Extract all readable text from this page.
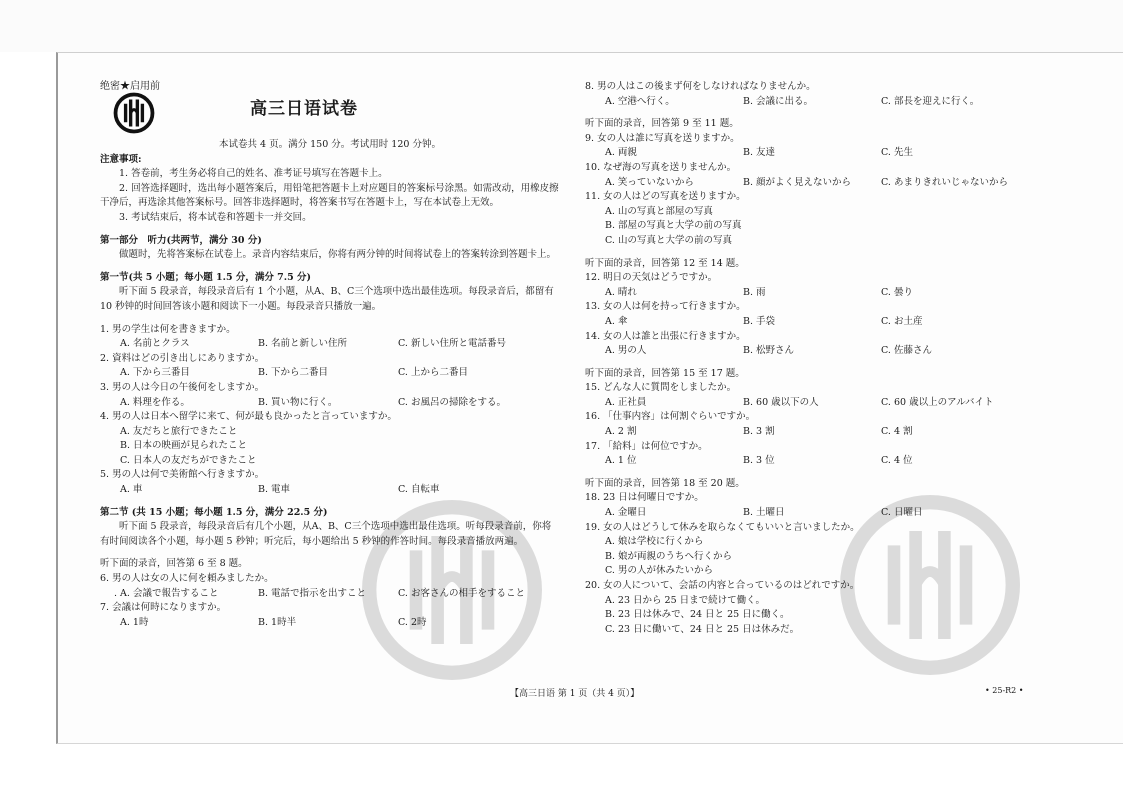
绝密★启用前
高三日语试卷
本试卷共 4 页。满分 150 分。考试用时 120 分钟。
注意事项:
1. 答卷前，考生务必将自己的姓名、准考证号填写在答题卡上。
2. 回答选择题时，选出每小题答案后，用铅笔把答题卡上对应题目的答案标号涂黑。如需改动，用橡皮擦干净后，再选涂其他答案标号。回答非选择题时，将答案书写在答题卡上，写在本试卷上无效。
3. 考试结束后，将本试卷和答题卡一并交回。
第一部分　听力(共两节，满分 30 分)
做题时，先将答案标在试卷上。录音内容结束后，你将有两分钟的时间将试卷上的答案转涂到答题卡上。
第一节(共 5 小题；每小题 1.5 分，满分 7.5 分)
听下面 5 段录音，每段录音后有 1 个小题，从A、B、C三个选项中选出最佳选项。每段录音后，都留有 10 秒钟的时间回答该小题和阅读下一小题。每段录音只播放一遍。
1. 男の学生は何を書きますか。
A. 名前とクラス	B. 名前と新しい住所	C. 新しい住所と電話番号
2. 資料はどの引き出しにありますか。
A. 下から三番目	B. 下から二番目	C. 上から二番目
3. 男の人は今日の午後何をしますか。
A. 料理を作る。	B. 買い物に行く。	C. お風呂の掃除をする。
4. 男の人は日本へ留学に来て、何が最も良かったと言っていますか。
A. 友だちと旅行できたこと
B. 日本の映画が見られたこと
C. 日本人の友だちができたこと
5. 男の人は何で美術館へ行きますか。
A. 車	B. 電車	C. 自転車
第二节 (共 15 小题；每小题 1.5 分，满分 22.5 分)
听下面 5 段录音，每段录音后有几个小题，从A、B、C三个选项中选出最佳选项。听每段录音前，你将有时间阅读各个小题，每小题 5 秒钟；听完后，每小题给出 5 秒钟的作答时间。每段录音播放两遍。
听下面的录音，回答第 6 至 8 题。
6. 男の人は女の人に何を頼みましたか。
. A. 会議で報告すること	B. 電話で指示を出すこと	C. お客さんの相手をすること
7. 会議は何時になりますか。
A. 1時	B. 1時半	C. 2時
8. 男の人はこの後まず何をしなければなりませんか。
A. 空港へ行く。	B. 会議に出る。	C. 部長を迎えに行く。
听下面的录音，回答第 9 至 11 题。
9. 女の人は誰に写真を送りますか。
A. 両親	B. 友達	C. 先生
10. なぜ海の写真を送りませんか。
A. 笑っていないから	B. 顔がよく見えないから	C. あまりきれいじゃないから
11. 女の人はどの写真を送りますか。
A. 山の写真と部屋の写真
B. 部屋の写真と大学の前の写真
C. 山の写真と大学の前の写真
听下面的录音，回答第 12 至 14 题。
12. 明日の天気はどうですか。
A. 晴れ	B. 雨	C. 曇り
13. 女の人は何を持って行きますか。
A. 傘	B. 手袋	C. お土産
14. 女の人は誰と出張に行きますか。
A. 男の人	B. 松野さん	C. 佐藤さん
听下面的录音，回答第 15 至 17 题。
15. どんな人に質問をしましたか。
A. 正社員	B. 60 歳以下の人	C. 60 歳以上のアルバイト
16. 「仕事内容」は何割ぐらいですか。
A. 2 割	B. 3 割	C. 4 割
17. 「給料」は何位ですか。
A. 1 位	B. 3 位	C. 4 位
听下面的录音，回答第 18 至 20 题。
18. 23 日は何曜日ですか。
A. 金曜日	B. 土曜日	C. 日曜日
19. 女の人はどうして休みを取らなくてもいいと言いましたか。
A. 娘は学校に行くから
B. 娘が両親のうちへ行くから
C. 男の人が休みたいから
20. 女の人について、会話の内容と合っているのはどれですか。
A. 23 日から 25 日まで続けて働く。
B. 23 日は休みで、24 日と 25 日に働く。
C. 23 日に働いて、24 日と 25 日は休みだ。
【高三日语 第 1 页（共 4 页）】	• 25-R2 •
